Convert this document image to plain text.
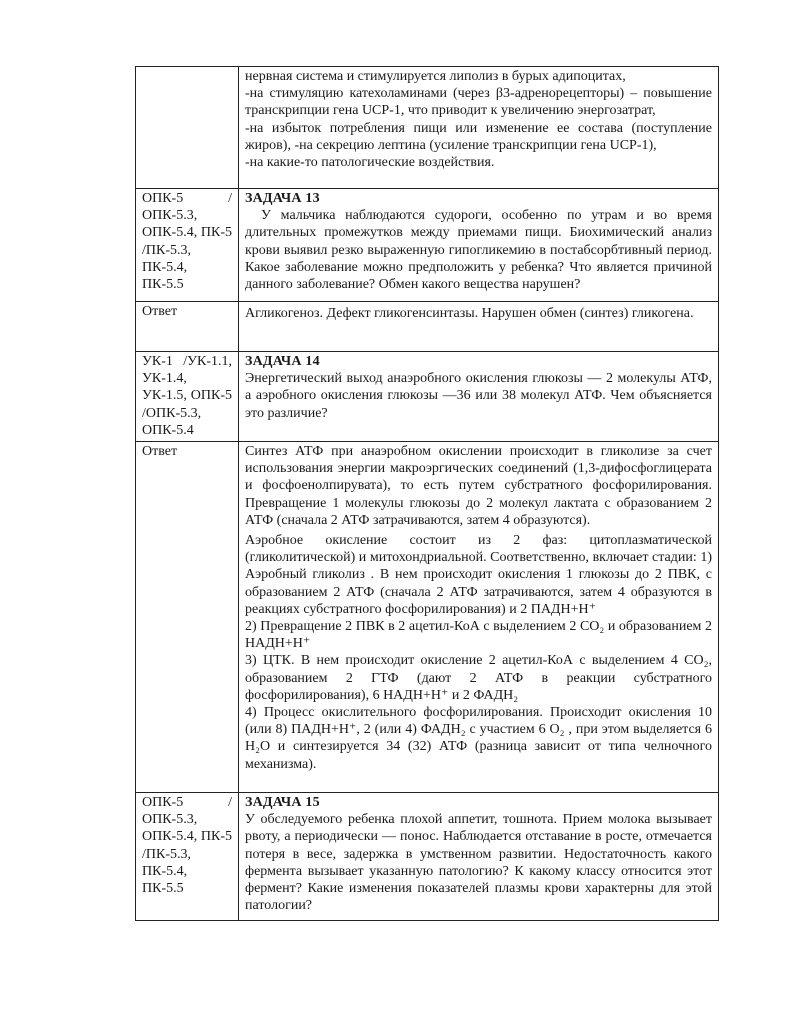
	нервная система и стимулируется липолиз в бурых адипоцитах,
-на стимуляцию катехоламинами (через β3-адренорецепторы) – повышение транскрипции гена UCP-1, что приводит к увеличению энергозатрат,
-на избыток потребления пищи или изменение ее состава (поступление жиров), -на секрецию лептина (усиление транскрипции гена UCP-1),
-на какие-то патологические воздействия.

ОПК-5 /ОПК-5.3, ОПК-5.4, ПК-5 /ПК-5.3, ПК-5.4, ПК-5.5	ЗАДАЧА 13
У мальчика наблюдаются судороги, особенно по утрам и во время длительных промежутков между приемами пищи. Биохимический анализ крови выявил резко выраженную гипогликемию в постабсорбтивный период. Какое заболевание можно предположить у ребенка? Что является причиной данного заболевание? Обмен какого вещества нарушен?

Ответ	Агликогеноз. Дефект гликогенсинтазы. Нарушен обмен (синтез) гликогена.

УК-1 /УК-1.1, УК-1.4, УК-1.5, ОПК-5 /ОПК-5.3, ОПК-5.4	ЗАДАЧА 14
Энергетический выход анаэробного окисления глюкозы — 2 молекулы АТФ, а аэробного окисления глюкозы —36 или 38 молекул АТФ. Чем объясняется это различие?

Ответ	Синтез АТФ при анаэробном окислении происходит в гликолизе за счет использования энергии макроэргических соединений (1,3-дифосфоглицерата и фосфоенолпирувата), то есть путем субстратного фосфорилирования. Превращение 1 молекулы глюкозы до 2 молекул лактата с образованием 2 АТФ (сначала 2 АТФ затрачиваются, затем 4 образуются).
Аэробное окисление состоит из 2 фаз: цитоплазматической (гликолитической) и митохондриальной. Соответственно, включает стадии: 1) Аэробный гликолиз . В нем происходит окисления 1 глюкозы до 2 ПВК, с образованием 2 АТФ (сначала 2 АТФ затрачиваются, затем 4 образуются в реакциях субстратного фосфорилирования) и 2 ПАДН+Н⁺
2) Превращение 2 ПВК в 2 ацетил-КоА с выделением 2 CO₂ и образованием 2 НАДН+Н⁺
3) ЦТК. В нем происходит окисление 2 ацетил-КоА с выделением 4 CO₂, образованием 2 ГТФ (дают 2 АТФ в реакции субстратного фосфорилирования), 6 НАДН+Н⁺ и 2 ФАДН₂
4) Процесс окислительного фосфорилирования. Происходит окисления 10 (или 8) ПАДН+Н⁺, 2 (или 4) ФАДН₂ с участием 6 О₂ , при этом выделяется 6 Н₂О и синтезируется 34 (32) АТФ (разница зависит от типа челночного механизма).

ОПК-5 /ОПК-5.3, ОПК-5.4, ПК-5 /ПК-5.3, ПК-5.4, ПК-5.5	ЗАДАЧА 15
У обследуемого ребенка плохой аппетит, тошнота. Прием молока вызывает рвоту, а периодически — понос. Наблюдается отставание в росте, отмечается потеря в весе, задержка в умственном развитии. Недостаточность какого фермента вызывает указанную патологию? К какому классу относится этот фермент? Какие изменения показателей плазмы крови характерны для этой патологии?
